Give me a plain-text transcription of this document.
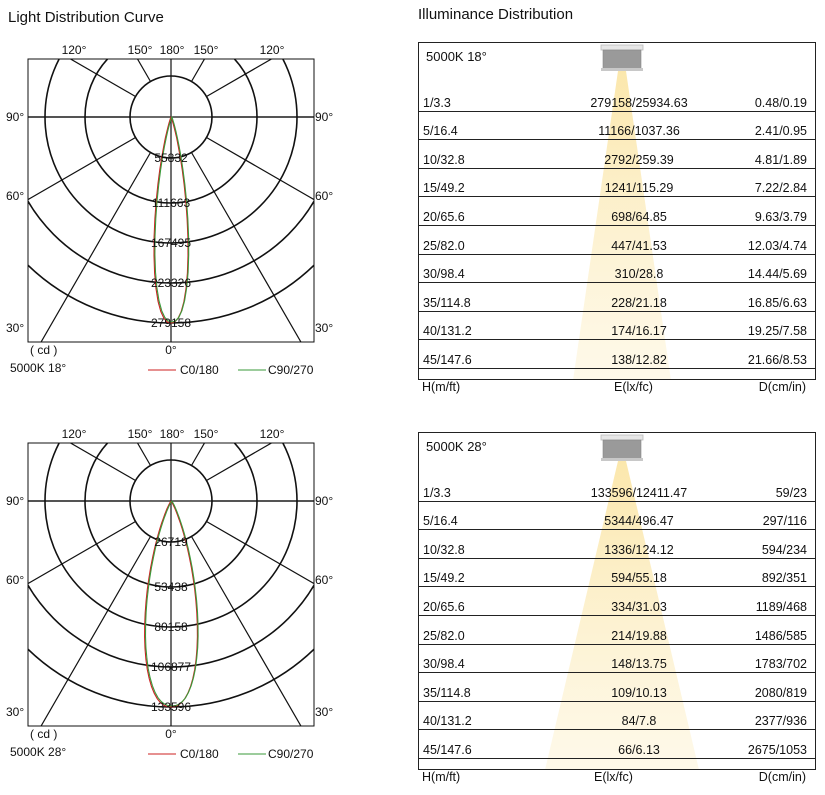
Light Distribution Curve	Illuminance Distribution
55832
111663
167495
223326
279158
120°	150° 180° 150°	120°
90°	90°
60°	60°
30°	30°
0°
( cd )
5000K 18°	C0/180	C90/270
26719
53438
80158
106877
133596
120°	150° 180° 150°	120°
90°	90°
60°	60°
30°	30°
0°
( cd )
5000K 28°	C0/180	C90/270
5000K 18°
1/3.3	279158/25934.63	0.48/0.19
5/16.4	11166/1037.36	2.41/0.95
10/32.8	2792/259.39	4.81/1.89
15/49.2	1241/115.29	7.22/2.84
20/65.6	698/64.85	9.63/3.79
25/82.0	447/41.53	12.03/4.74
30/98.4	310/28.8	14.44/5.69
35/114.8	228/21.18	16.85/6.63
40/131.2	174/16.17	19.25/7.58
45/147.6	138/12.82	21.66/8.53
H(m/ft)	E(lx/fc)	D(cm/in)
5000K 28°
1/3.3	133596/12411.47	59/23
5/16.4	5344/496.47	297/116
10/32.8	1336/124.12	594/234
15/49.2	594/55.18	892/351
20/65.6	334/31.03	1189/468
25/82.0	214/19.88	1486/585
30/98.4	148/13.75	1783/702
35/114.8	109/10.13	2080/819
40/131.2	84/7.8	2377/936
45/147.6	66/6.13	2675/1053
H(m/ft)	E(lx/fc)	D(cm/in)
